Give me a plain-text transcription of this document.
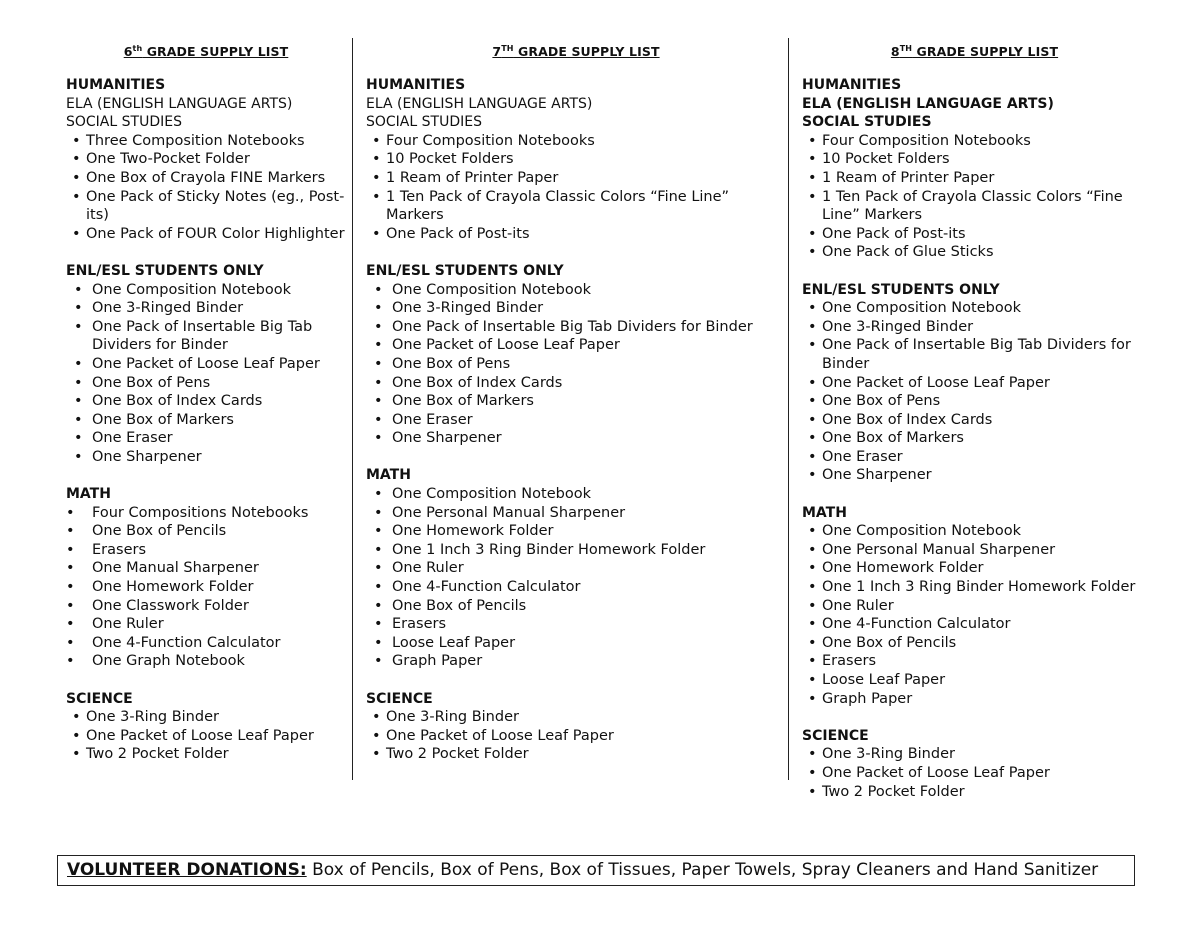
6th GRADE SUPPLY LIST
HUMANITIES
ELA (ENGLISH LANGUAGE ARTS)
SOCIAL STUDIES
• Three Composition Notebooks
• One Two-Pocket Folder
• One Box of Crayola FINE Markers
• One Pack of Sticky Notes (eg., Post-its)
• One Pack of FOUR Color Highlighter
ENL/ESL STUDENTS ONLY
• One Composition Notebook
• One 3-Ringed Binder
• One Pack of Insertable Big Tab Dividers for Binder
• One Packet of Loose Leaf Paper
• One Box of Pens
• One Box of Index Cards
• One Box of Markers
• One Eraser
• One Sharpener
MATH
• Four Compositions Notebooks
• One Box of Pencils
• Erasers
• One Manual Sharpener
• One Homework Folder
• One Classwork Folder
• One Ruler
• One 4-Function Calculator
• One Graph Notebook
SCIENCE
• One 3-Ring Binder
• One Packet of Loose Leaf Paper
• Two 2 Pocket Folder
7TH GRADE SUPPLY LIST
HUMANITIES
ELA (ENGLISH LANGUAGE ARTS)
SOCIAL STUDIES
• Four Composition Notebooks
• 10 Pocket Folders
• 1 Ream of Printer Paper
• 1 Ten Pack of Crayola Classic Colors “Fine Line” Markers
• One Pack of Post-its
ENL/ESL STUDENTS ONLY
• One Composition Notebook
• One 3-Ringed Binder
• One Pack of Insertable Big Tab Dividers for Binder
• One Packet of Loose Leaf Paper
• One Box of Pens
• One Box of Index Cards
• One Box of Markers
• One Eraser
• One Sharpener
MATH
• One Composition Notebook
• One Personal Manual Sharpener
• One Homework Folder
• One 1 Inch 3 Ring Binder Homework Folder
• One Ruler
• One 4-Function Calculator
• One Box of Pencils
• Erasers
• Loose Leaf Paper
• Graph Paper
SCIENCE
• One 3-Ring Binder
• One Packet of Loose Leaf Paper
• Two 2 Pocket Folder
8TH GRADE SUPPLY LIST
HUMANITIES
ELA (ENGLISH LANGUAGE ARTS)
SOCIAL STUDIES
• Four Composition Notebooks
• 10 Pocket Folders
• 1 Ream of Printer Paper
• 1 Ten Pack of Crayola Classic Colors “Fine Line” Markers
• One Pack of Post-its
• One Pack of Glue Sticks
ENL/ESL STUDENTS ONLY
• One Composition Notebook
• One 3-Ringed Binder
• One Pack of Insertable Big Tab Dividers for Binder
• One Packet of Loose Leaf Paper
• One Box of Pens
• One Box of Index Cards
• One Box of Markers
• One Eraser
• One Sharpener
MATH
• One Composition Notebook
• One Personal Manual Sharpener
• One Homework Folder
• One 1 Inch 3 Ring Binder Homework Folder
• One Ruler
• One 4-Function Calculator
• One Box of Pencils
• Erasers
• Loose Leaf Paper
• Graph Paper
SCIENCE
• One 3-Ring Binder
• One Packet of Loose Leaf Paper
• Two 2 Pocket Folder
VOLUNTEER DONATIONS: Box of Pencils, Box of Pens, Box of Tissues, Paper Towels, Spray Cleaners and Hand Sanitizer
